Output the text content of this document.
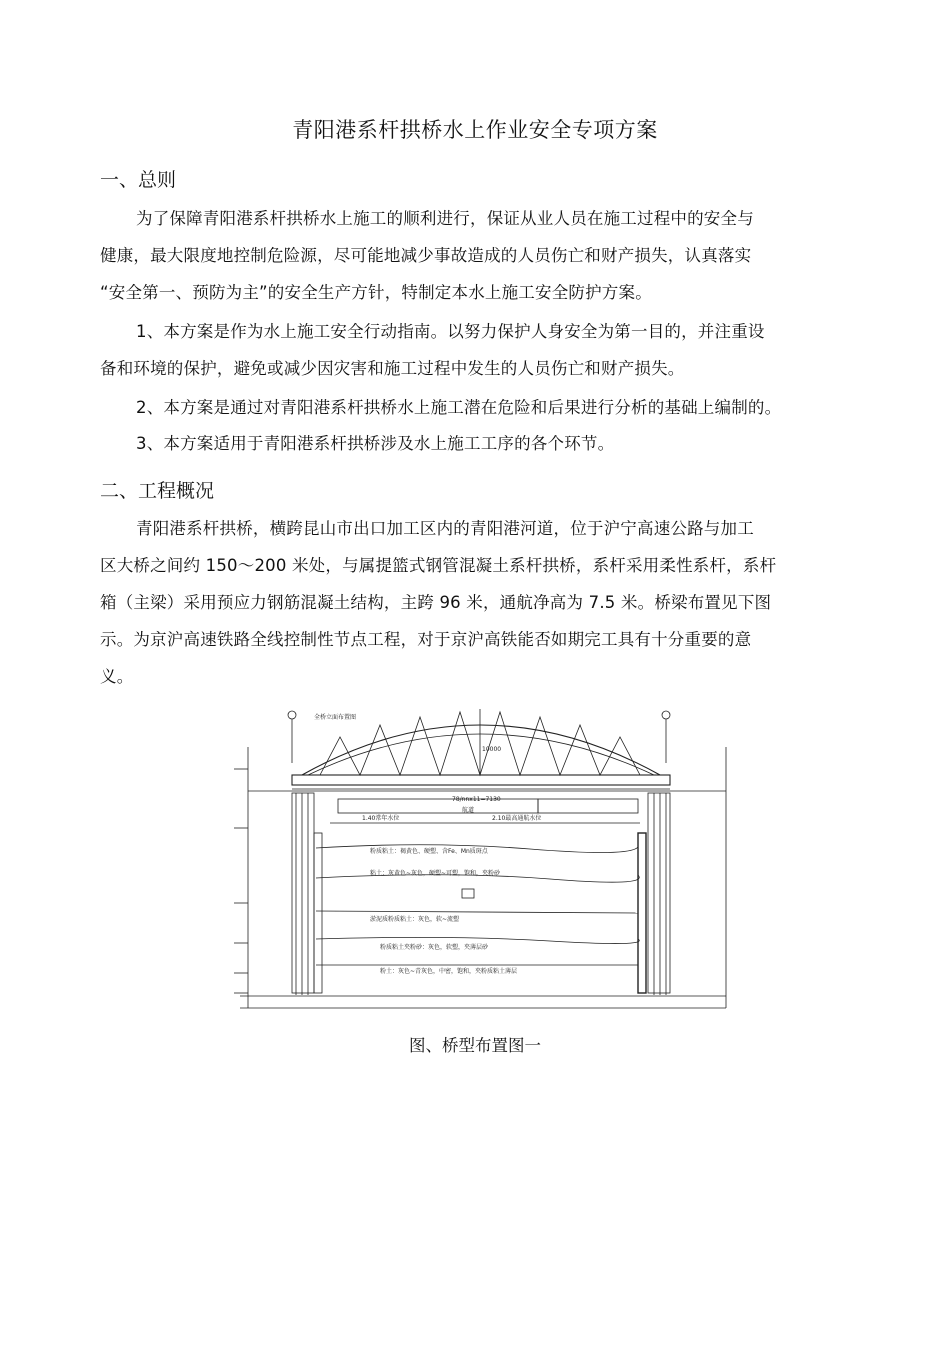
青阳港系杆拱桥水上作业安全专项方案
一、总则
为了保障青阳港系杆拱桥水上施工的顺利进行，保证从业人员在施工过程中的安全与
健康，最大限度地控制危险源，尽可能地减少事故造成的人员伤亡和财产损失，认真落实
“安全第一、预防为主”的安全生产方针，特制定本水上施工安全防护方案。
1、本方案是作为水上施工安全行动指南。以努力保护人身安全为第一目的，并注重设
备和环境的保护，避免或减少因灾害和施工过程中发生的人员伤亡和财产损失。
2、本方案是通过对青阳港系杆拱桥水上施工潜在危险和后果进行分析的基础上编制的。
3、本方案适用于青阳港系杆拱桥涉及水上施工工序的各个环节。
二、工程概况
青阳港系杆拱桥，横跨昆山市出口加工区内的青阳港河道，位于沪宁高速公路与加工
区大桥之间约 150～200 米处，与属提篮式钢管混凝土系杆拱桥，系杆采用柔性系杆，系杆
箱（主梁）采用预应力钢筋混凝土结构，主跨 96 米，通航净高为 7.5 米。桥梁布置见下图
示。为京沪高速铁路全线控制性节点工程，对于京沪高铁能否如期完工具有十分重要的意
义。
全桥立面布置图
10000
78/nnx11=7130
航道
1.40常年水位	2.10最高通航水位
粉质粘土：褐黄色、硬塑、含Fe、Mn质斑点
粘土：灰黄色~灰色，硬塑~可塑，饱和，夹粉砂
淤泥质粉质粘土：灰色，软~流塑
粉质粘土夹粉砂：灰色，软塑，夹薄层砂
粉土：灰色~青灰色，中密，饱和，夹粉质粘土薄层
图、桥型布置图一
